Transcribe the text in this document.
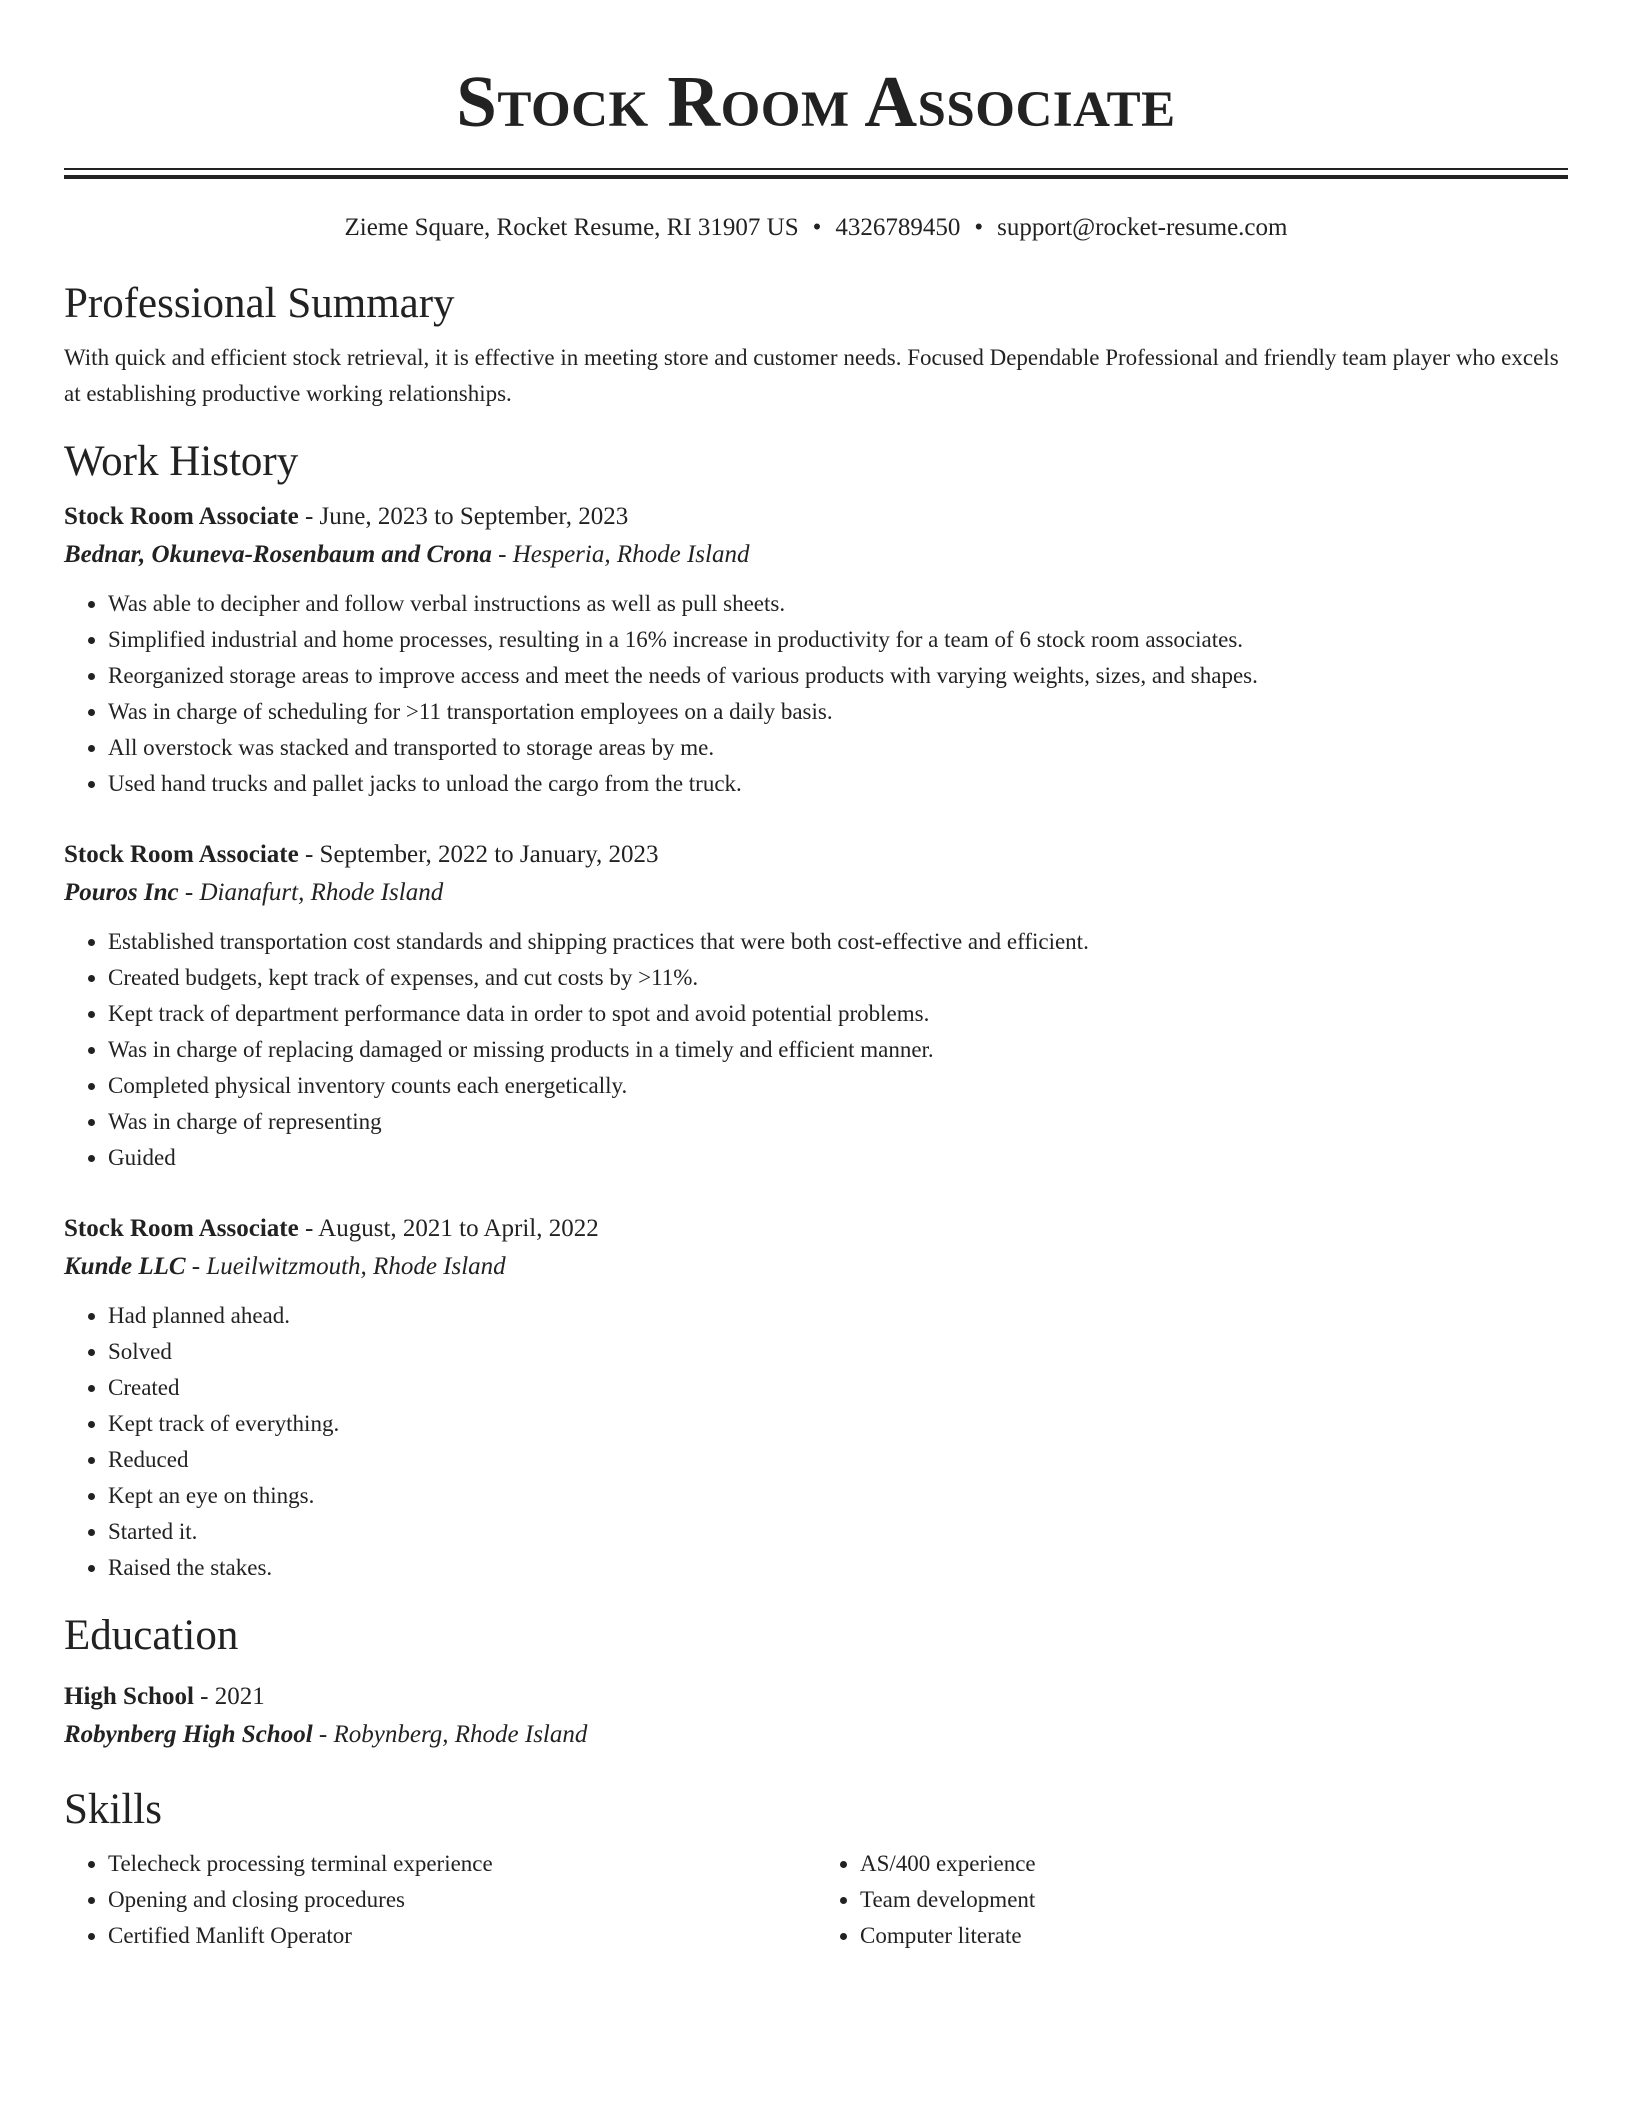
Stock Room Associate
Zieme Square, Rocket Resume, RI 31907 US • 4326789450 • support@rocket-resume.com
Professional Summary
With quick and efficient stock retrieval, it is effective in meeting store and customer needs. Focused Dependable Professional and friendly team player who excels at establishing productive working relationships.
Work History
Stock Room Associate - June, 2023 to September, 2023
Bednar, Okuneva-Rosenbaum and Crona - Hesperia, Rhode Island
• Was able to decipher and follow verbal instructions as well as pull sheets.
• Simplified industrial and home processes, resulting in a 16% increase in productivity for a team of 6 stock room associates.
• Reorganized storage areas to improve access and meet the needs of various products with varying weights, sizes, and shapes.
• Was in charge of scheduling for >11 transportation employees on a daily basis.
• All overstock was stacked and transported to storage areas by me.
• Used hand trucks and pallet jacks to unload the cargo from the truck.
Stock Room Associate - September, 2022 to January, 2023
Pouros Inc - Dianafurt, Rhode Island
• Established transportation cost standards and shipping practices that were both cost-effective and efficient.
• Created budgets, kept track of expenses, and cut costs by >11%.
• Kept track of department performance data in order to spot and avoid potential problems.
• Was in charge of replacing damaged or missing products in a timely and efficient manner.
• Completed physical inventory counts each energetically.
• Was in charge of representing
• Guided
Stock Room Associate - August, 2021 to April, 2022
Kunde LLC - Lueilwitzmouth, Rhode Island
• Had planned ahead.
• Solved
• Created
• Kept track of everything.
• Reduced
• Kept an eye on things.
• Started it.
• Raised the stakes.
Education
High School - 2021
Robynberg High School - Robynberg, Rhode Island
Skills
• Telecheck processing terminal experience
• Opening and closing procedures
• Certified Manlift Operator
• AS/400 experience
• Team development
• Computer literate
